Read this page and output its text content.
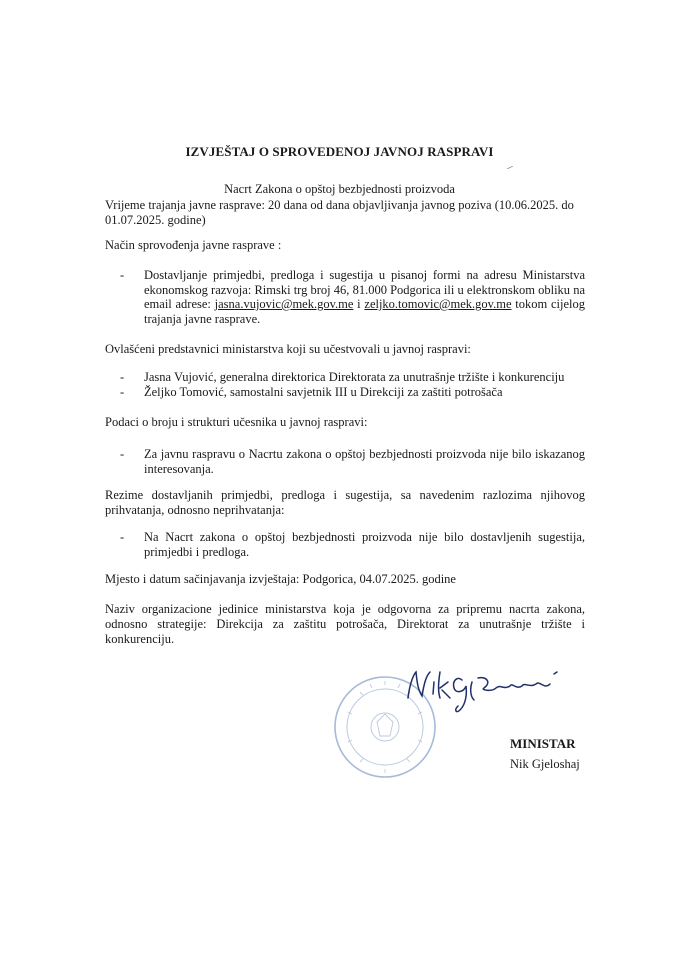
IZVJEŠTAJ O SPROVEDENOJ JAVNOJ RASPRAVI
Nacrt Zakona o opštoj bezbjednosti proizvoda
Vrijeme trajanja javne rasprave: 20 dana od dana objavljivanja javnog poziva (10.06.2025. do 01.07.2025. godine)
Način sprovođenja javne rasprave :
- Dostavljanje primjedbi, predloga i sugestija u pisanoj formi na adresu Ministarstva ekonomskog razvoja: Rimski trg broj 46, 81.000 Podgorica ili u elektronskom obliku na email adrese: jasna.vujovic@mek.gov.me i zeljko.tomovic@mek.gov.me tokom cijelog trajanja javne rasprave.
Ovlašćeni predstavnici ministarstva koji su učestvovali u javnoj raspravi:
- Jasna Vujović, generalna direktorica Direktorata za unutrašnje tržište i konkurenciju
- Željko Tomović, samostalni savjetnik III u Direkciji za zaštiti potrošača
Podaci o broju i strukturi učesnika u javnoj raspravi:
- Za javnu raspravu o Nacrtu zakona o opštoj bezbjednosti proizvoda nije bilo iskazanog interesovanja.
Rezime dostavljanih primjedbi, predloga i sugestija, sa navedenim razlozima njihovog prihvatanja, odnosno neprihvatanja:
- Na Nacrt zakona o opštoj bezbjednosti proizvoda nije bilo dostavljenih sugestija, primjedbi i predloga.
Mjesto i datum sačinjavanja izvještaja: Podgorica, 04.07.2025. godine
Naziv organizacione jedinice ministarstva koja je odgovorna za pripremu nacrta zakona, odnosno strategije: Direkcija za zaštitu potrošača, Direktorat za unutrašnje tržište i konkurenciju.
MINISTAR
Nik Gjeloshaj
